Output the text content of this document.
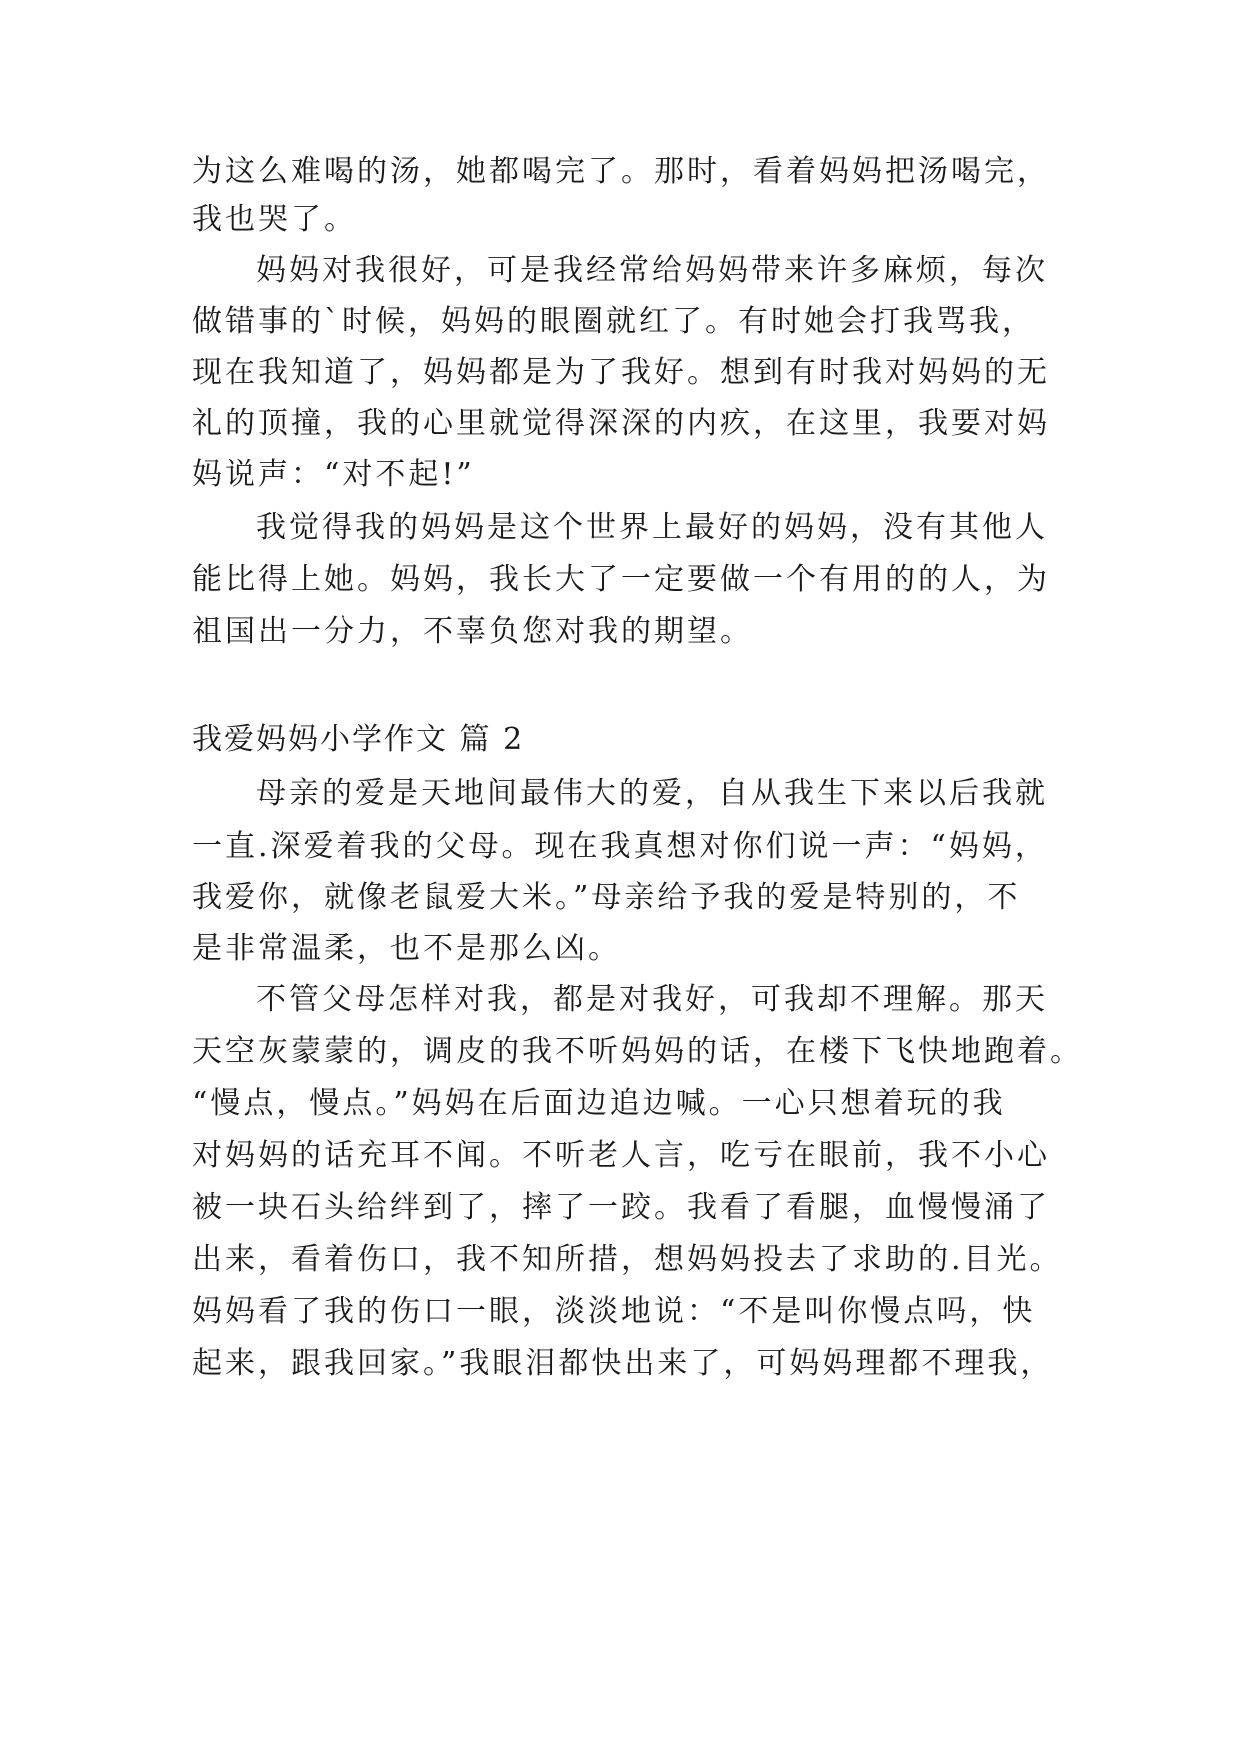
为这么难喝的汤，她都喝完了。那时，看着妈妈把汤喝完，
我也哭了。
妈妈对我很好，可是我经常给妈妈带来许多麻烦，每次
做错事的`时候，妈妈的眼圈就红了。有时她会打我骂我，
现在我知道了，妈妈都是为了我好。想到有时我对妈妈的无
礼的顶撞，我的心里就觉得深深的内疚，在这里，我要对妈
妈说声：“对不起!”
我觉得我的妈妈是这个世界上最好的妈妈，没有其他人
能比得上她。妈妈，我长大了一定要做一个有用的的人，为
祖国出一分力，不辜负您对我的期望。
我爱妈妈小学作文 篇 2
母亲的爱是天地间最伟大的爱，自从我生下来以后我就
一直.深爱着我的父母。现在我真想对你们说一声：“妈妈，
我爱你，就像老鼠爱大米。”母亲给予我的爱是特别的，不
是非常温柔，也不是那么凶。
不管父母怎样对我，都是对我好，可我却不理解。那天
天空灰蒙蒙的，调皮的我不听妈妈的话，在楼下飞快地跑着。
“慢点，慢点。”妈妈在后面边追边喊。一心只想着玩的我
对妈妈的话充耳不闻。不听老人言，吃亏在眼前，我不小心
被一块石头给绊到了，摔了一跤。我看了看腿，血慢慢涌了
出来，看着伤口，我不知所措，想妈妈投去了求助的.目光。
妈妈看了我的伤口一眼，淡淡地说：“不是叫你慢点吗，快
起来，跟我回家。”我眼泪都快出来了，可妈妈理都不理我，
